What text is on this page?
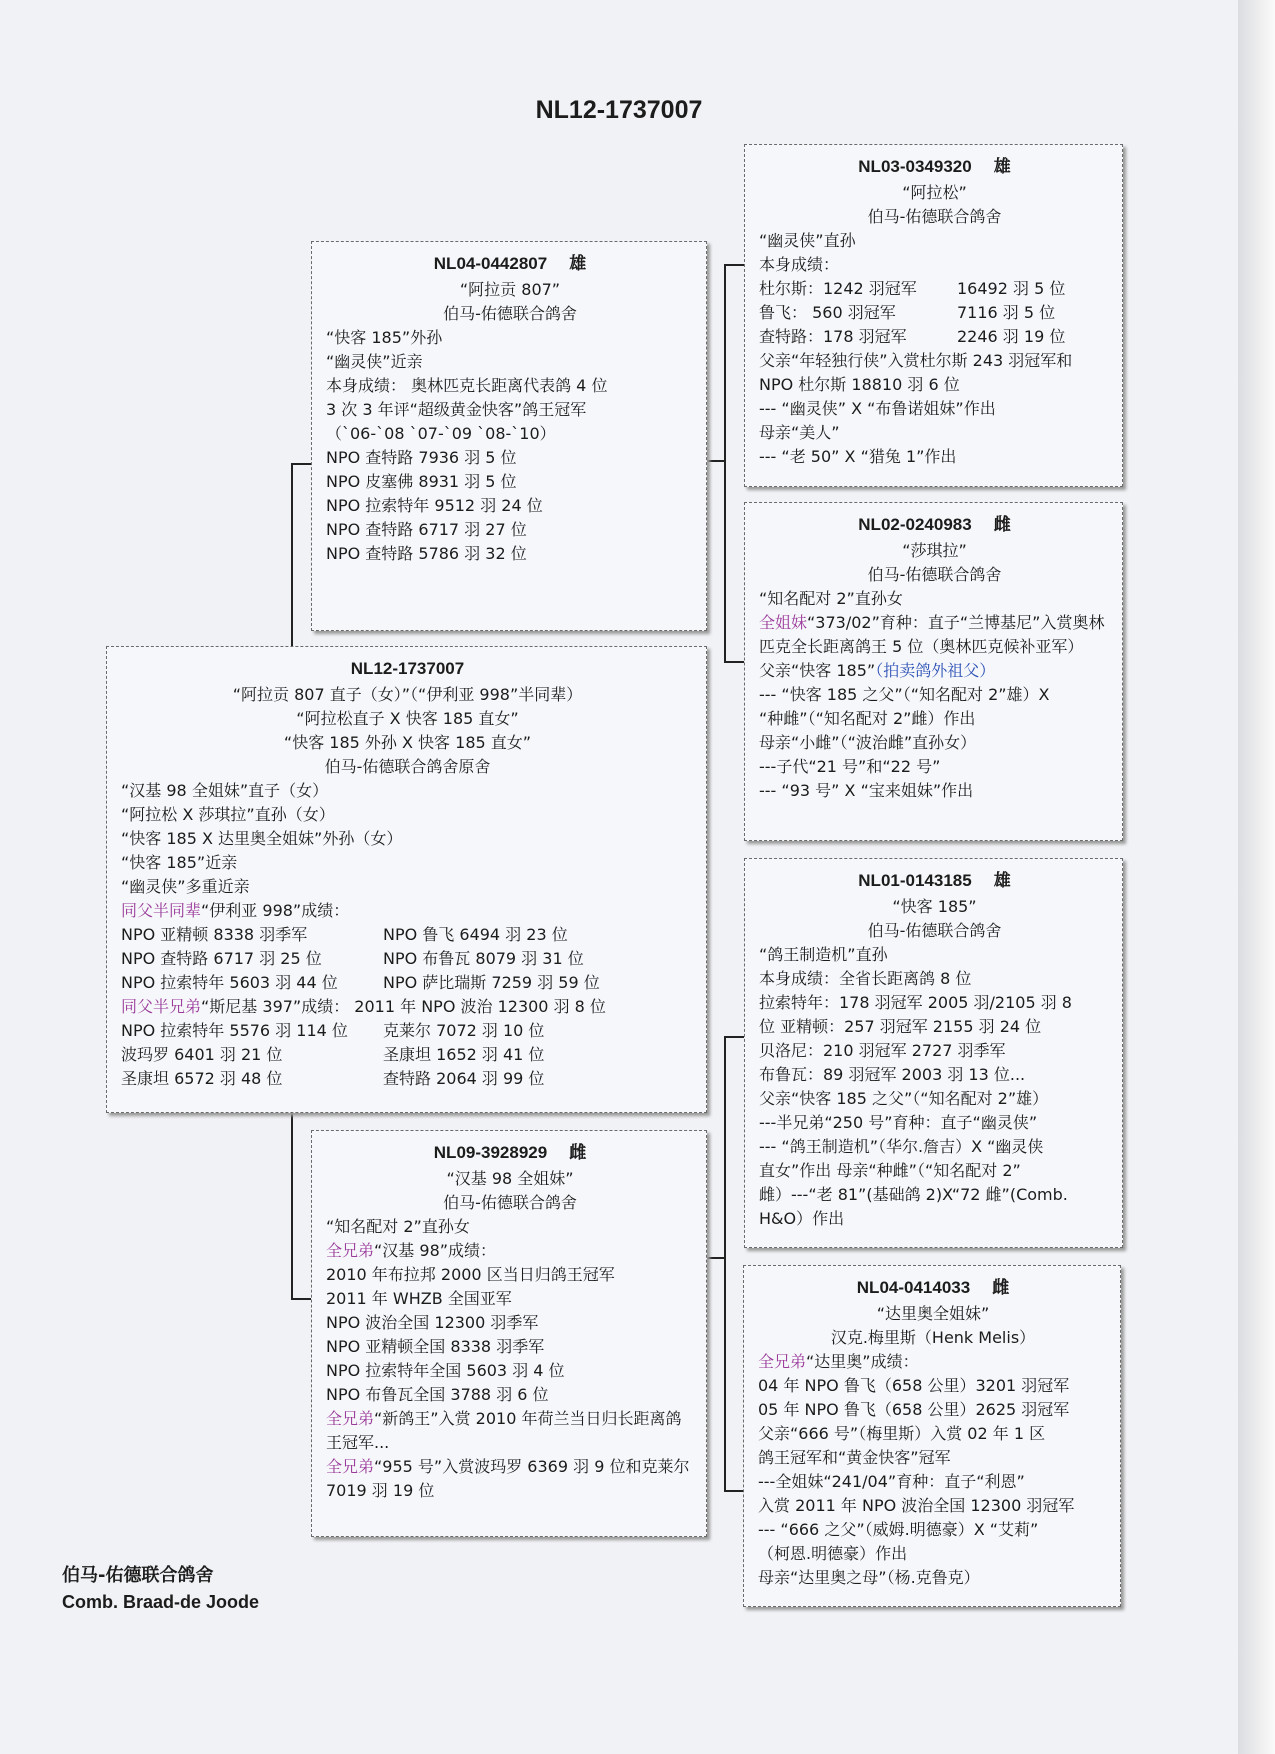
NL12-1737007
NL04-0442807 雄
“阿拉贡 807”
伯马-佑德联合鸽舍
“快客 185”外孙
“幽灵侠”近亲
本身成绩： 奥林匹克长距离代表鸽 4 位
3 次 3 年评“超级黄金快客”鸽王冠军
（`06-`08 `07-`09 `08-`10）
NPO 查特路 7936 羽 5 位
NPO 皮塞佛 8931 羽 5 位
NPO 拉索特年 9512 羽 24 位
NPO 查特路 6717 羽 27 位
NPO 查特路 5786 羽 32 位
NL12-1737007
“阿拉贡 807 直子（女）”（“伊利亚 998”半同辈）
“阿拉松直子 X 快客 185 直女”
“快客 185 外孙 X 快客 185 直女”
伯马-佑德联合鸽舍原舍
“汉基 98 全姐妹”直子（女）
“阿拉松 X 莎琪拉”直孙（女）
“快客 185 X 达里奥全姐妹”外孙（女）
“快客 185”近亲
“幽灵侠”多重近亲
同父半同辈“伊利亚 998”成绩：
NPO 亚精顿 8338 羽季军	NPO 鲁飞 6494 羽 23 位
NPO 查特路 6717 羽 25 位	NPO 布鲁瓦 8079 羽 31 位
NPO 拉索特年 5603 羽 44 位	NPO 萨比瑞斯 7259 羽 59 位
同父半兄弟“斯尼基 397”成绩： 2011 年 NPO 波治 12300 羽 8 位
NPO 拉索特年 5576 羽 114 位	克莱尔 7072 羽 10 位
波玛罗 6401 羽 21 位	圣康坦 1652 羽 41 位
圣康坦 6572 羽 48 位	查特路 2064 羽 99 位
NL09-3928929 雌
“汉基 98 全姐妹”
伯马-佑德联合鸽舍
“知名配对 2”直孙女
全兄弟“汉基 98”成绩：
2010 年布拉邦 2000 区当日归鸽王冠军
2011 年 WHZB 全国亚军
NPO 波治全国 12300 羽季军
NPO 亚精顿全国 8338 羽季军
NPO 拉索特年全国 5603 羽 4 位
NPO 布鲁瓦全国 3788 羽 6 位
全兄弟“新鸽王”入赏 2010 年荷兰当日归长距离鸽王冠军...
全兄弟“955 号”入赏波玛罗 6369 羽 9 位和克莱尔 7019 羽 19 位
NL03-0349320 雄
“阿拉松”
伯马-佑德联合鸽舍
“幽灵侠”直孙
本身成绩：
杜尔斯：1242 羽冠军	16492 羽 5 位
鲁飞： 560 羽冠军	7116 羽 5 位
查特路：178 羽冠军	2246 羽 19 位
父亲“年轻独行侠”入赏杜尔斯 243 羽冠军和 NPO 杜尔斯 18810 羽 6 位
--- “幽灵侠” X “布鲁诺姐妹”作出
母亲“美人”
--- “老 50” X “猎兔 1”作出
NL02-0240983 雌
“莎琪拉”
伯马-佑德联合鸽舍
“知名配对 2”直孙女
全姐妹“373/02”育种：直子“兰博基尼”入赏奥林匹克全长距离鸽王 5 位（奥林匹克候补亚军）
父亲“快客 185”（拍卖鸽外祖父）
--- “快客 185 之父”（“知名配对 2”雄）X
“种雌”（“知名配对 2”雌）作出
母亲“小雌”（“波治雌”直孙女）
---子代“21 号”和“22 号”
--- “93 号” X “宝来姐妹”作出
NL01-0143185 雄
“快客 185”
伯马-佑德联合鸽舍
“鸽王制造机”直孙
本身成绩：全省长距离鸽 8 位
拉索特年：178 羽冠军 2005 羽/2105 羽 8
位 亚精顿：257 羽冠军 2155 羽 24 位
贝洛尼：210 羽冠军 2727 羽季军
布鲁瓦：89 羽冠军 2003 羽 13 位...
父亲“快客 185 之父”（“知名配对 2”雄）
---半兄弟“250 号”育种：直子“幽灵侠”
--- “鸽王制造机”（华尔.詹吉）X “幽灵侠
直女”作出 母亲“种雌”（“知名配对 2”
雌）---“老 81”(基础鸽 2)X“72 雌”(Comb.
H&O）作出
NL04-0414033 雌
“达里奥全姐妹”
汉克.梅里斯（Henk Melis）
全兄弟“达里奥”成绩：
04 年 NPO 鲁飞（658 公里）3201 羽冠军
05 年 NPO 鲁飞（658 公里）2625 羽冠军
父亲“666 号”（梅里斯）入赏 02 年 1 区
鸽王冠军和“黄金快客”冠军
---全姐妹“241/04”育种：直子“利恩”
入赏 2011 年 NPO 波治全国 12300 羽冠军
--- “666 之父”（威姆.明德豪）X “艾莉”
（柯恩.明德豪）作出
母亲“达里奥之母”（杨.克鲁克）
伯马-佑德联合鸽舍
Comb. Braad-de Joode
